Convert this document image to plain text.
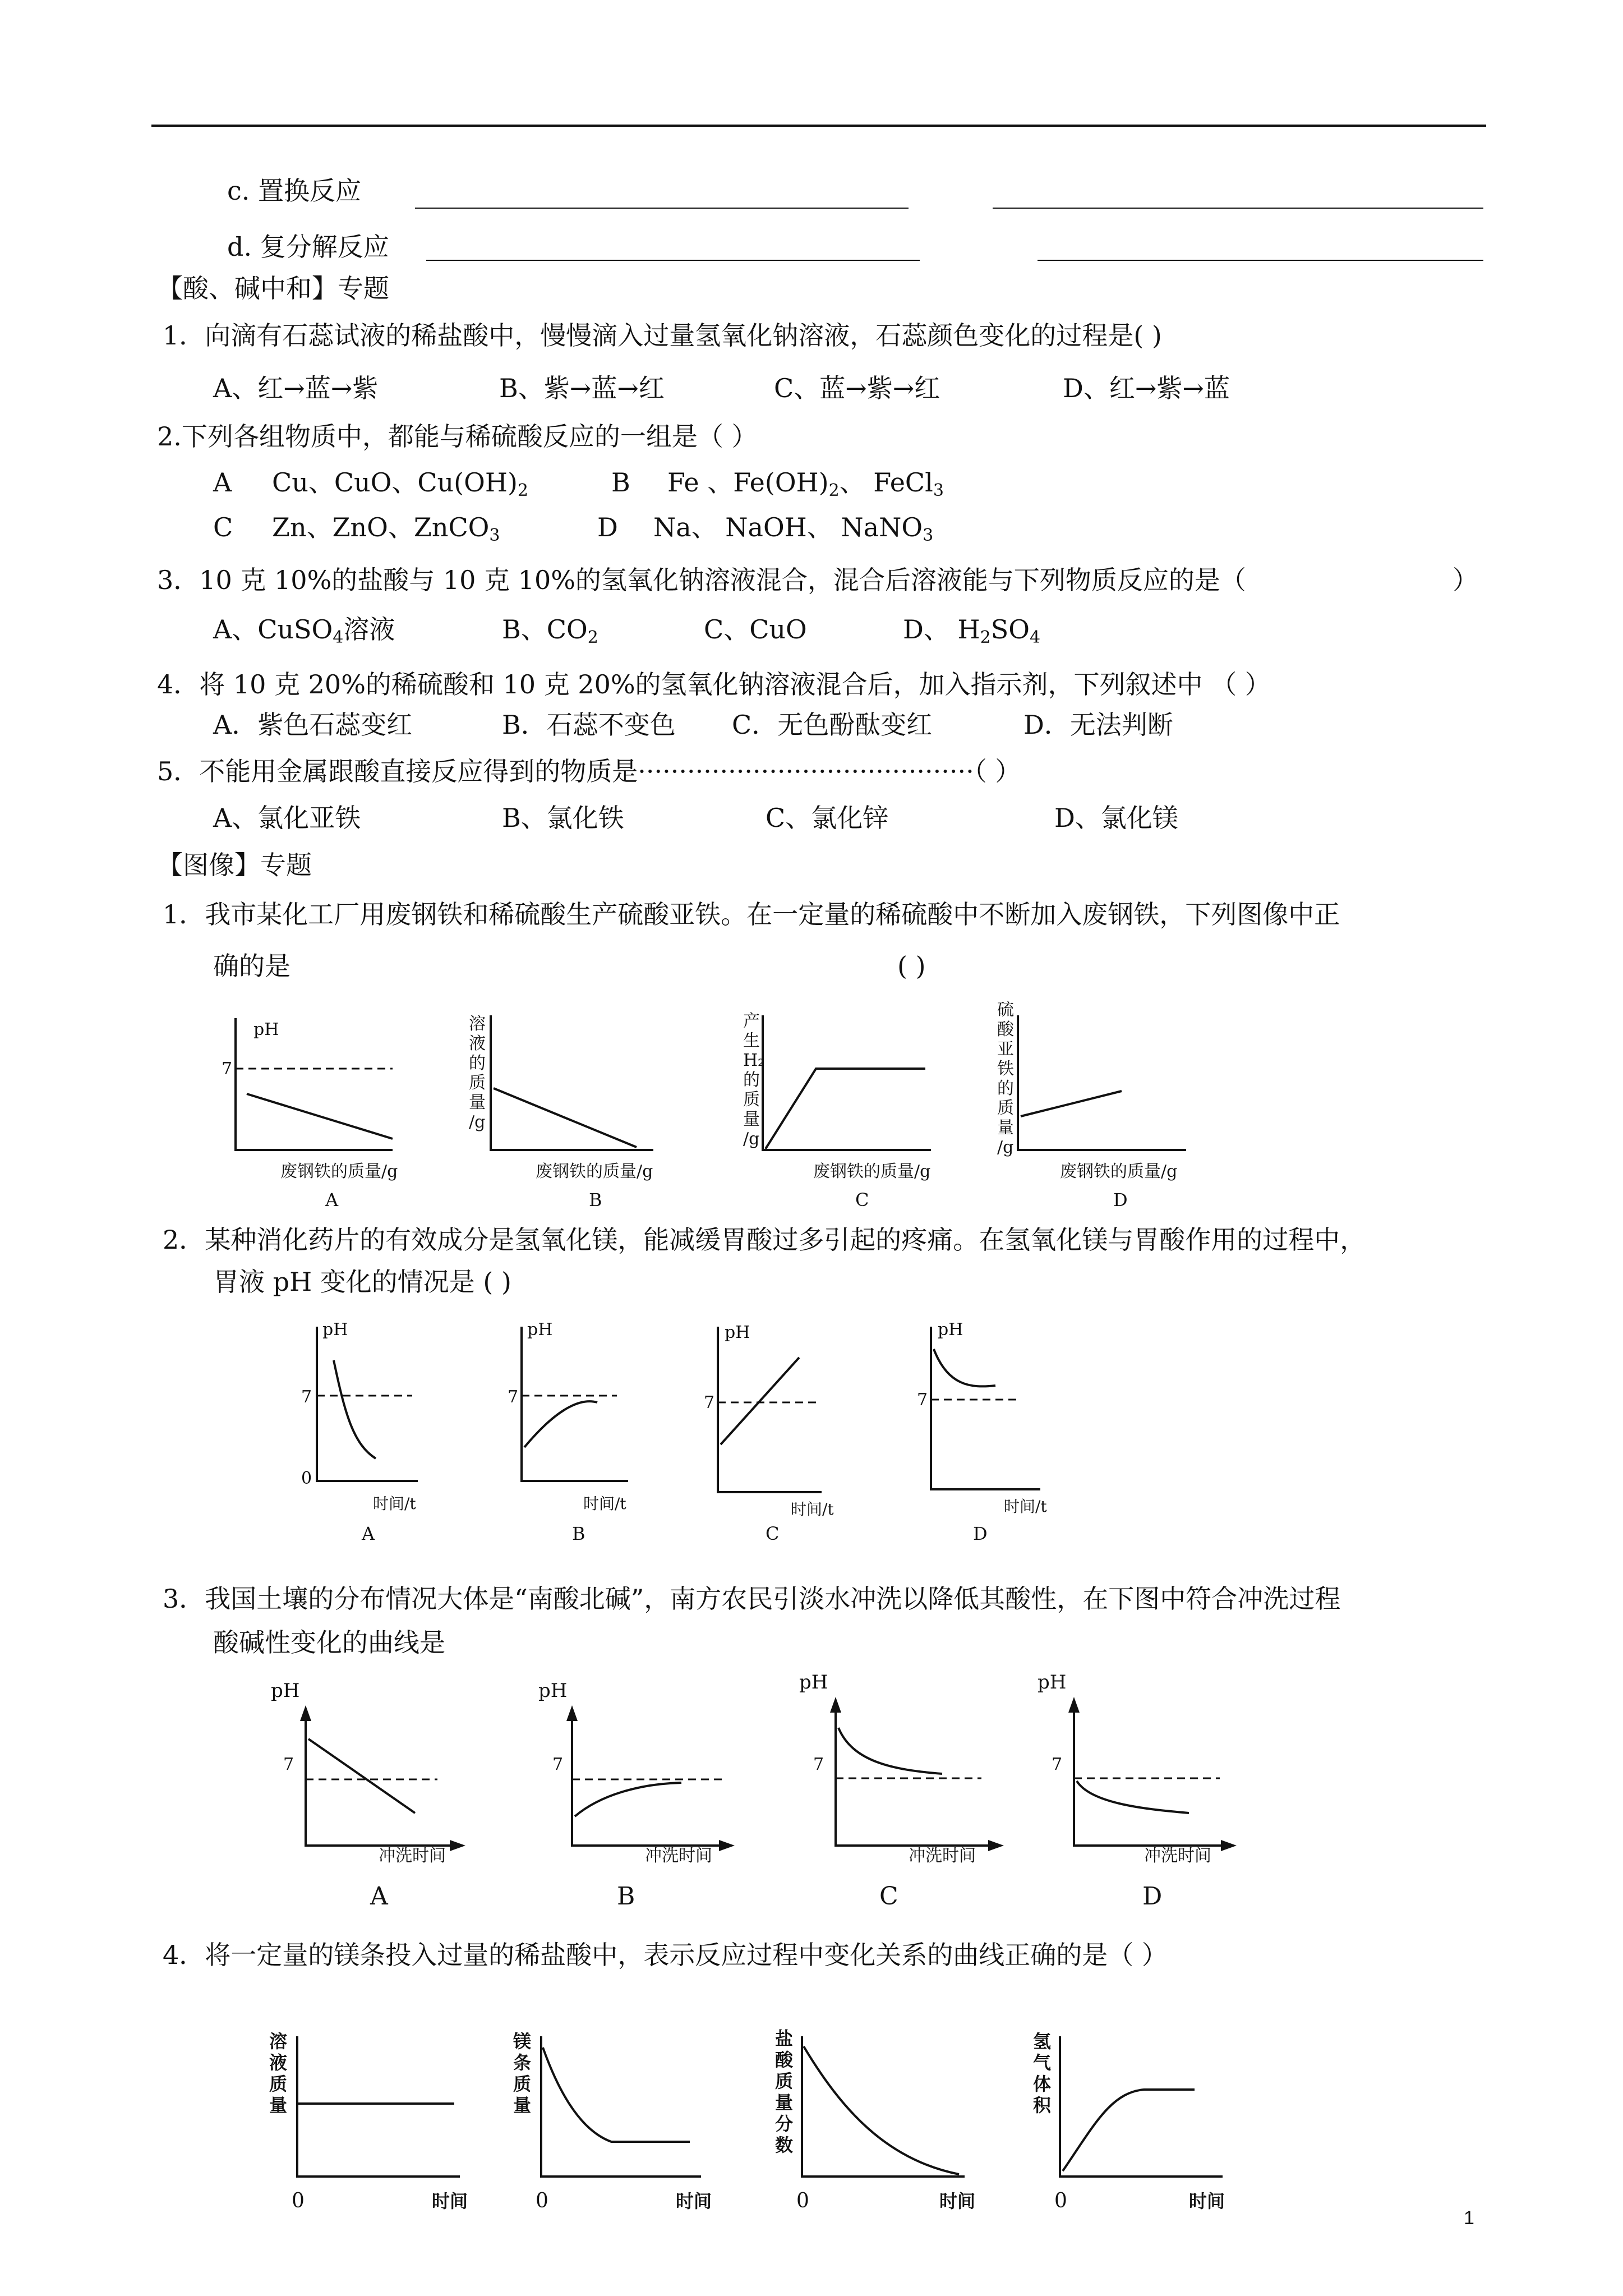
c. 置换反应
d. 复分解反应
【酸、碱中和】专题
1．向滴有石蕊试液的稀盐酸中，慢慢滴入过量氢氧化钠溶液，石蕊颜色变化的过程是( )
A、红→蓝→紫	B、紫→蓝→红	C、蓝→紫→红	D、红→紫→蓝
2.下列各组物质中，都能与稀硫酸反应的一组是（ ）
A Cu、CuO、$Cu(OH)_2$	B Fe 、$Fe(OH)_2$、 FeCl$_3$
C Zn、ZnO、ZnCO$_3$	D Na、 NaOH、 NaNO$_3$
3．10 克 10%的盐酸与 10 克 10%的氢氧化钠溶液混合，混合后溶液能与下列物质反应的是（	）
A、CuSO$_4$溶液	B、$CO_2$	C、CuO	D、 $H_2SO_4$
4．将 10 克 20%的稀硫酸和 10 克 20%的氢氧化钠溶液混合后，加入指示剂，下列叙述中 （ ）
A．紫色石蕊变红	B．石蕊不变色 C．无色酚酞变红	D．无法判断
5．不能用金属跟酸直接反应得到的物质是·········································（ ）
A、氯化亚铁	B、氯化铁	C、氯化锌	D、氯化镁
【图像】专题
1．我市某化工厂用废钢铁和稀硫酸生产硫酸亚铁。在一定量的稀硫酸中不断加入废钢铁，下列图像中正
确的是	( )
pH
7
废钢铁的质量/g
A
溶
液
的
质
量
/g
废钢铁的质量/g
B
产
生
H₂
的
质
量
/g
废钢铁的质量/g
C
硫
酸
亚
铁
的
质
量
/g
废钢铁的质量/g
D
pH
7
0
时间/t
A
pH
7
时间/t
B
pH
7
时间/t
C
pH
7
时间/t
D
pH
7
冲洗时间
A
pH
7
冲洗时间
B
pH
7
冲洗时间
C
pH
7
冲洗时间
D
溶
液
质
量
0	时间
镁
条
质
量
0	时间
盐
酸
质
量
分
数
0	时间
氢
气
体
积
0	时间
2．某种消化药片的有效成分是氢氧化镁，能减缓胃酸过多引起的疼痛。在氢氧化镁与胃酸作用的过程中，
胃液 pH 变化的情况是 ( )
3．我国土壤的分布情况大体是“南酸北碱”，南方农民引淡水冲洗以降低其酸性，在下图中符合冲洗过程
酸碱性变化的曲线是
4．将一定量的镁条投入过量的稀盐酸中，表示反应过程中变化关系的曲线正确的是（ ）
1
